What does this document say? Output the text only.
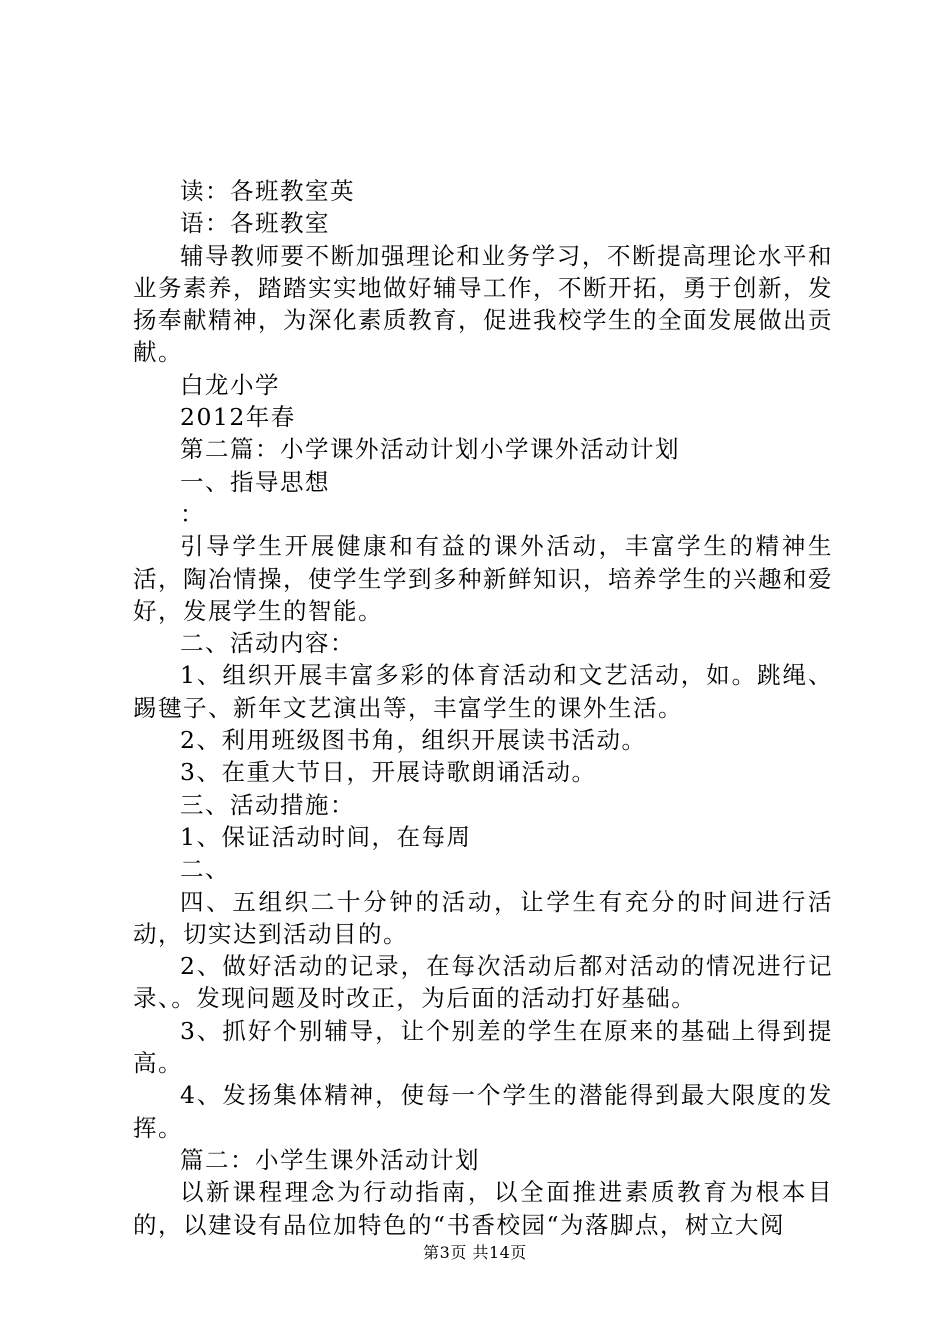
读：各班教室英

语：各班教室

辅导教师要不断加强理论和业务学习，不断提高理论水平和业务素养，踏踏实实地做好辅导工作，不断开拓，勇于创新，发扬奉献精神，为深化素质教育，促进我校学生的全面发展做出贡献。

白龙小学

2012年春

第二篇：小学课外活动计划小学课外活动计划

一、指导思想

：

引导学生开展健康和有益的课外活动，丰富学生的精神生活，陶冶情操，使学生学到多种新鲜知识，培养学生的兴趣和爱好，发展学生的智能。

二、活动内容：

1、组织开展丰富多彩的体育活动和文艺活动，如。跳绳、踢毽子、新年文艺演出等，丰富学生的课外生活。

2、利用班级图书角，组织开展读书活动。

3、在重大节日，开展诗歌朗诵活动。

三、活动措施：

1、保证活动时间，在每周

二、

四、五组织二十分钟的活动，让学生有充分的时间进行活动，切实达到活动目的。

2、做好活动的记录，在每次活动后都对活动的情况进行记录、。发现问题及时改正，为后面的活动打好基础。

3、抓好个别辅导，让个别差的学生在原来的基础上得到提高。

4、发扬集体精神，使每一个学生的潜能得到最大限度的发挥。

篇二：小学生课外活动计划

以新课程理念为行动指南，以全面推进素质教育为根本目的，以建设有品位加特色的“书香校园“为落脚点，树立大阅

第3页 共14页
